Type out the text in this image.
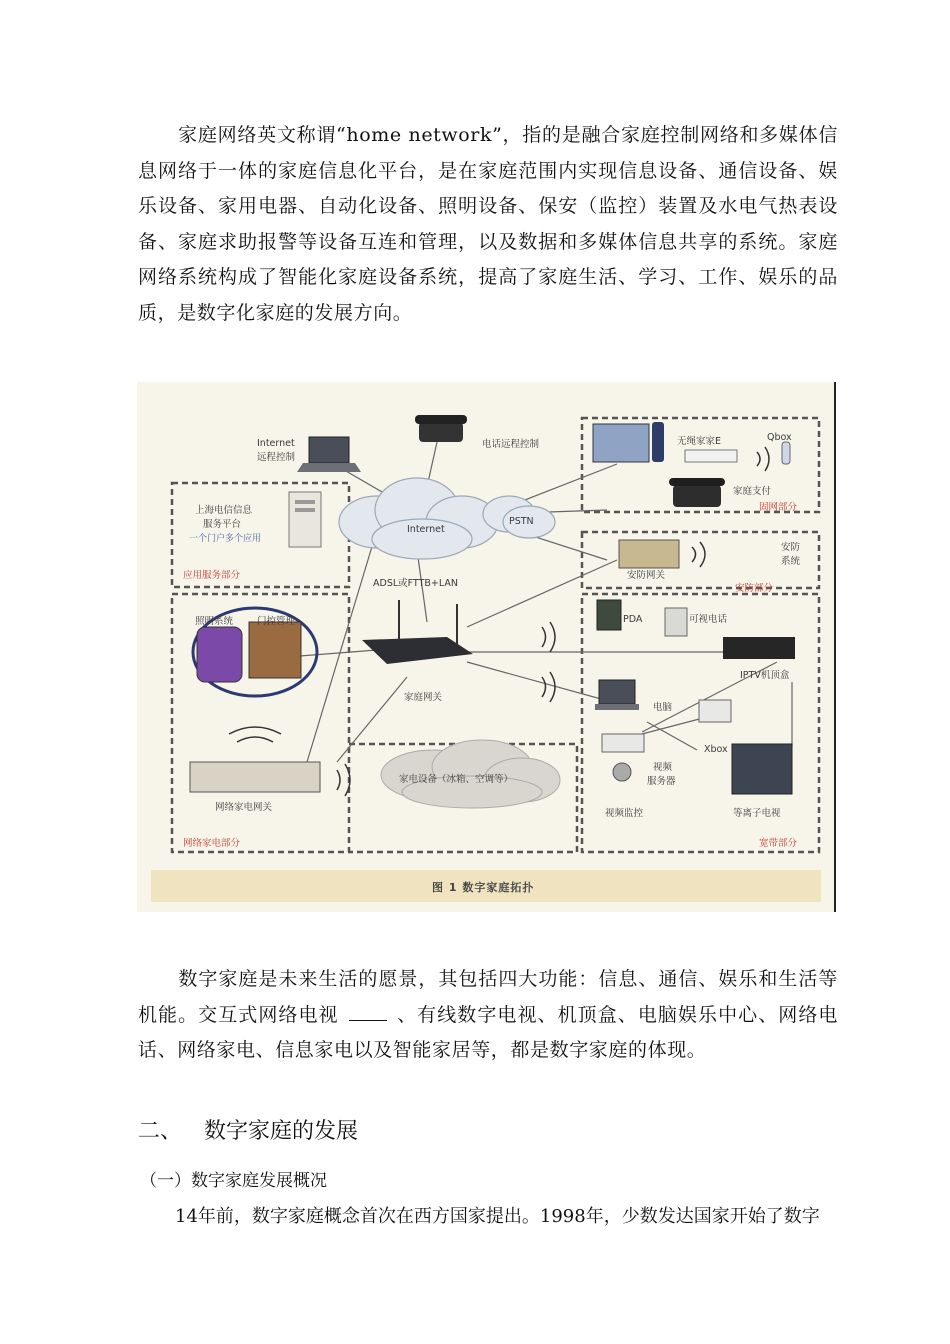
家庭网络英文称谓“home network”，指的是融合家庭控制网络和多媒体信息网络于一体的家庭信息化平台，是在家庭范围内实现信息设备、通信设备、娱乐设备、家用电器、自动化设备、照明设备、保安（监控）装置及水电气热表设备、家庭求助报警等设备互连和管理，以及数据和多媒体信息共享的系统。家庭网络系统构成了智能化家庭设备系统，提高了家庭生活、学习、工作、娱乐的品质，是数字化家庭的发展方向。

Internet
远程控制
电话远程控制	无绳家家E	Qbox
家庭支付
固网部分
上海电信信息
服务平台
一个门户多个应用
应用服务部分
Internet
PSTN
ADSL或FTTB+LAN
安防网关
安防
系统
安防部分
照明系统	门控管理
家庭网关
PDA	可视电话
IPTV机顶盒
电脑
Xbox
视频
服务器
视频监控	等离子电视
网络家电网关
家电设备（冰箱、空调等）
网络家电部分	宽带部分
图 1 数字家庭拓扑

数字家庭是未来生活的愿景，其包括四大功能：信息、通信、娱乐和生活等机能。交互式网络电视	、有线数字电视、机顶盒、电脑娱乐中心、网络电话、网络家电、信息家电以及智能家居等，都是数字家庭的体现。

二、 数字家庭的发展
（一）数字家庭发展概况

14年前，数字家庭概念首次在西方国家提出。1998年，少数发达国家开始了数字
